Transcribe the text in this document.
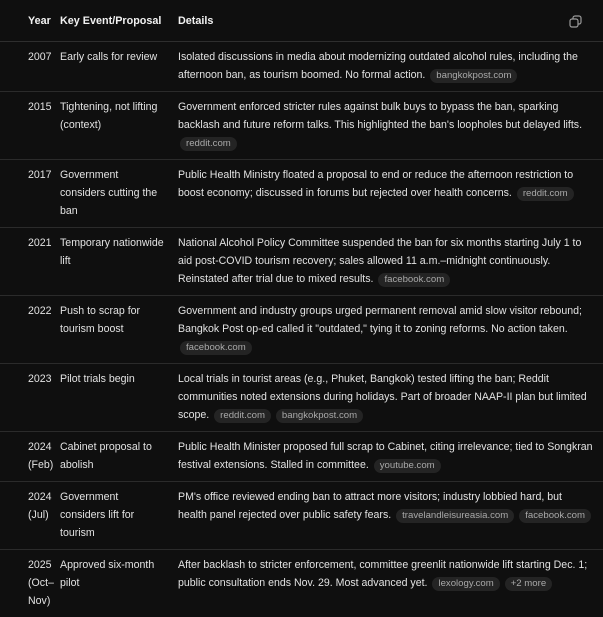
Year	Key Event/Proposal	Details
2007	Early calls for review	Isolated discussions in media about modernizing outdated alcohol rules, including the afternoon ban, as tourism boomed. No formal action. bangkokpost.com
2015	Tightening, not lifting (context)	Government enforced stricter rules against bulk buys to bypass the ban, sparking backlash and future reform talks. This highlighted the ban's loopholes but delayed lifts. reddit.com
2017	Government considers cutting the ban	Public Health Ministry floated a proposal to end or reduce the afternoon restriction to boost economy; discussed in forums but rejected over health concerns. reddit.com
2021	Temporary nationwide lift	National Alcohol Policy Committee suspended the ban for six months starting July 1 to aid post-COVID tourism recovery; sales allowed 11 a.m.–midnight continuously. Reinstated after trial due to mixed results. facebook.com
2022	Push to scrap for tourism boost	Government and industry groups urged permanent removal amid slow visitor rebound; Bangkok Post op-ed called it "outdated," tying it to zoning reforms. No action taken. facebook.com
2023	Pilot trials begin	Local trials in tourist areas (e.g., Phuket, Bangkok) tested lifting the ban; Reddit communities noted extensions during holidays. Part of broader NAAP-II plan but limited scope. reddit.com bangkokpost.com
2024 (Feb)	Cabinet proposal to abolish	Public Health Minister proposed full scrap to Cabinet, citing irrelevance; tied to Songkran festival extensions. Stalled in committee. youtube.com
2024 (Jul)	Government considers lift for tourism	PM's office reviewed ending ban to attract more visitors; industry lobbied hard, but health panel rejected over public safety fears. travelandleisureasia.com facebook.com
2025 (Oct–Nov)	Approved six-month pilot	After backlash to stricter enforcement, committee greenlit nationwide lift starting Dec. 1; public consultation ends Nov. 29. Most advanced yet. lexology.com +2 more
